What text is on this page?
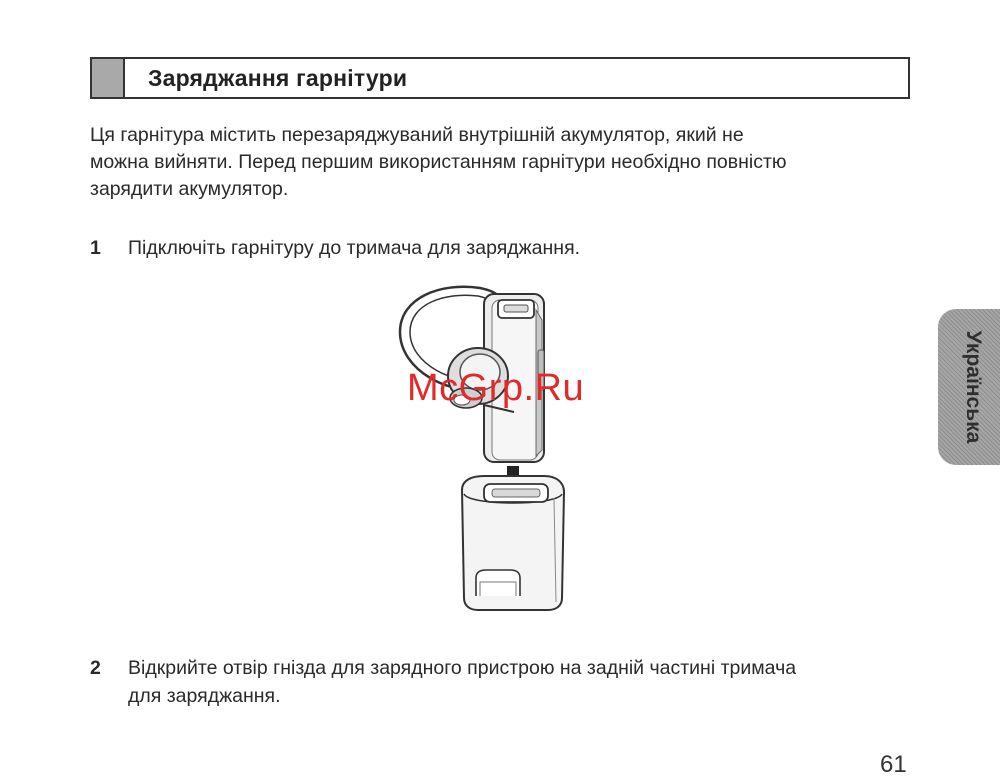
Заряджання гарнітури

Ця гарнітура містить перезаряджуваний внутрішній акумулятор, який не

можна вийняти. Перед першим використанням гарнітури необхідно повністю

зарядити акумулятор.

1 Підключіть гарнітуру до тримача для заряджання.

McGrp.Ru
2 Відкрийте отвір гнізда для зарядного пристрою на задній частині тримача

для заряджання.

Українська
61
